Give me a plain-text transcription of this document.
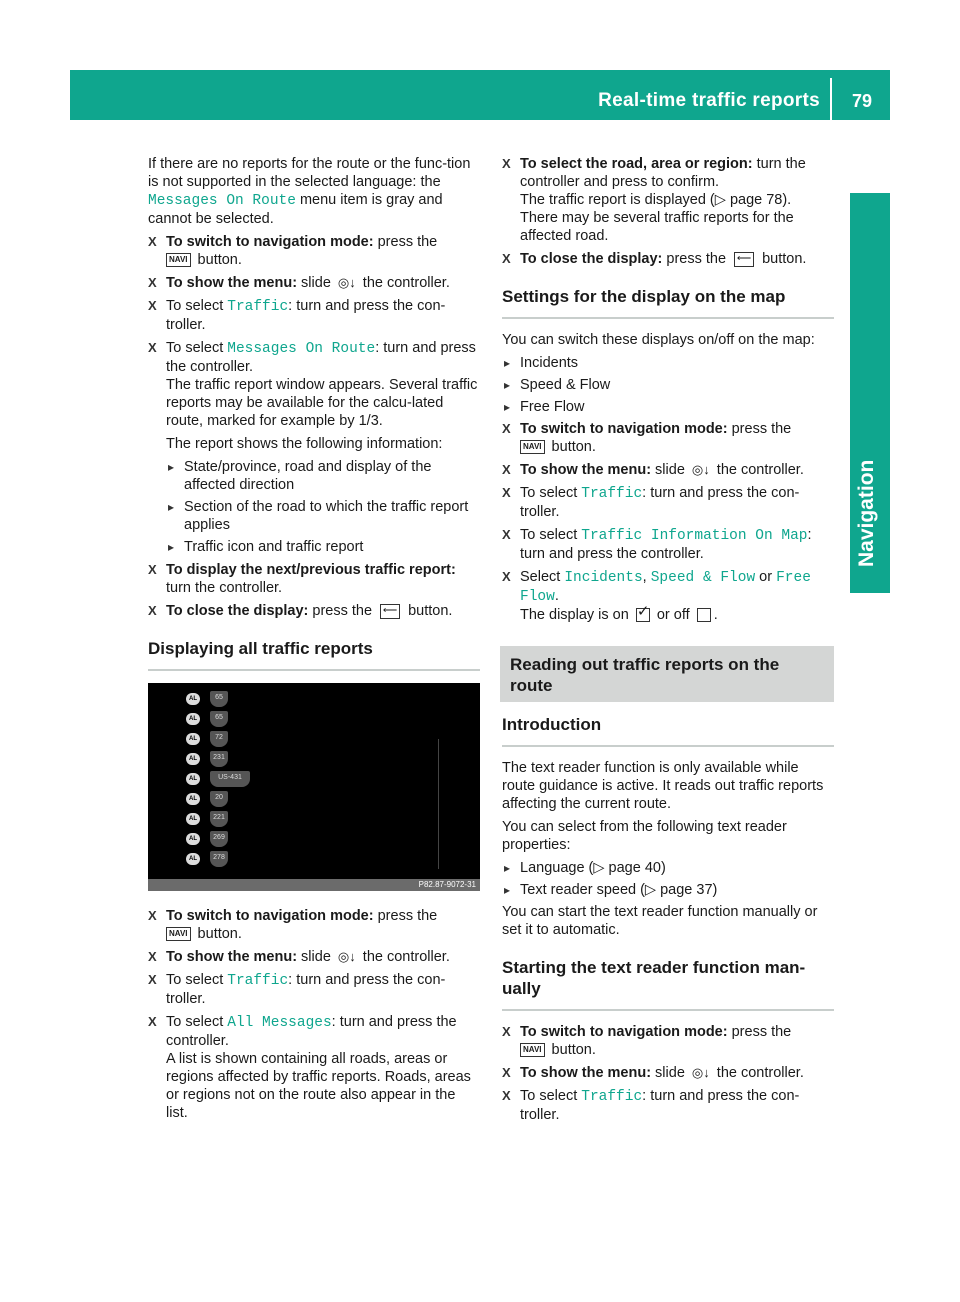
Real-time traffic reports 79
Navigation

If there are no reports for the route or the func-tion is not supported in the selected language: the Messages On Route menu item is gray and cannot be selected.

X To switch to navigation mode: press the
NAVI button.
X To show the menu: slide ◎↓ the controller.
X To select Traffic: turn and press the con-troller.
X To select Messages On Route: turn and press the controller.
The traffic report window appears. Several traffic reports may be available for the calcu-lated route, marked for example by 1/3.

The report shows the following information:

▸ State/province, road and display of the affected direction
▸ Section of the road to which the traffic report applies
▸ Traffic icon and traffic report
X To display the next/previous traffic report: turn the controller.
X To close the display: press the ⟵ button.
Displaying all traffic reports
AL	65
AL	65
AL	72
AL	231
AL	US-431
AL	20
AL	221
AL	269
AL	278
P82.87-9072-31
X To switch to navigation mode: press the
NAVI button.
X To show the menu: slide ◎↓ the controller.
X To select Traffic: turn and press the con-troller.
X To select All Messages: turn and press the controller.
A list is shown containing all roads, areas or regions affected by traffic reports. Roads, areas or regions not on the route also appear in the list.
X To select the road, area or region: turn the controller and press to confirm.
The traffic report is displayed (▷ page 78).
There may be several traffic reports for the affected road.
X To close the display: press the ⟵ button.
Settings for the display on the map

You can switch these displays on/off on the map:

▸ Incidents
▸ Speed & Flow
▸ Free Flow
X To switch to navigation mode: press the
NAVI button.
X To show the menu: slide ◎↓ the controller.
X To select Traffic: turn and press the con-troller.
X To select Traffic Information On Map: turn and press the controller.
X Select Incidents, Speed & Flow or Free Flow.
The display is on ✓ or off .
Reading out traffic reports on the route
Introduction

The text reader function is only available while route guidance is active. It reads out traffic reports affecting the current route.

You can select from the following text reader properties:

▸ Language (▷ page 40)
▸ Text reader speed (▷ page 37)

You can start the text reader function manually or set it to automatic.

Starting the text reader function man-ually
X To switch to navigation mode: press the
NAVI button.
X To show the menu: slide ◎↓ the controller.
X To select Traffic: turn and press the con-troller.
